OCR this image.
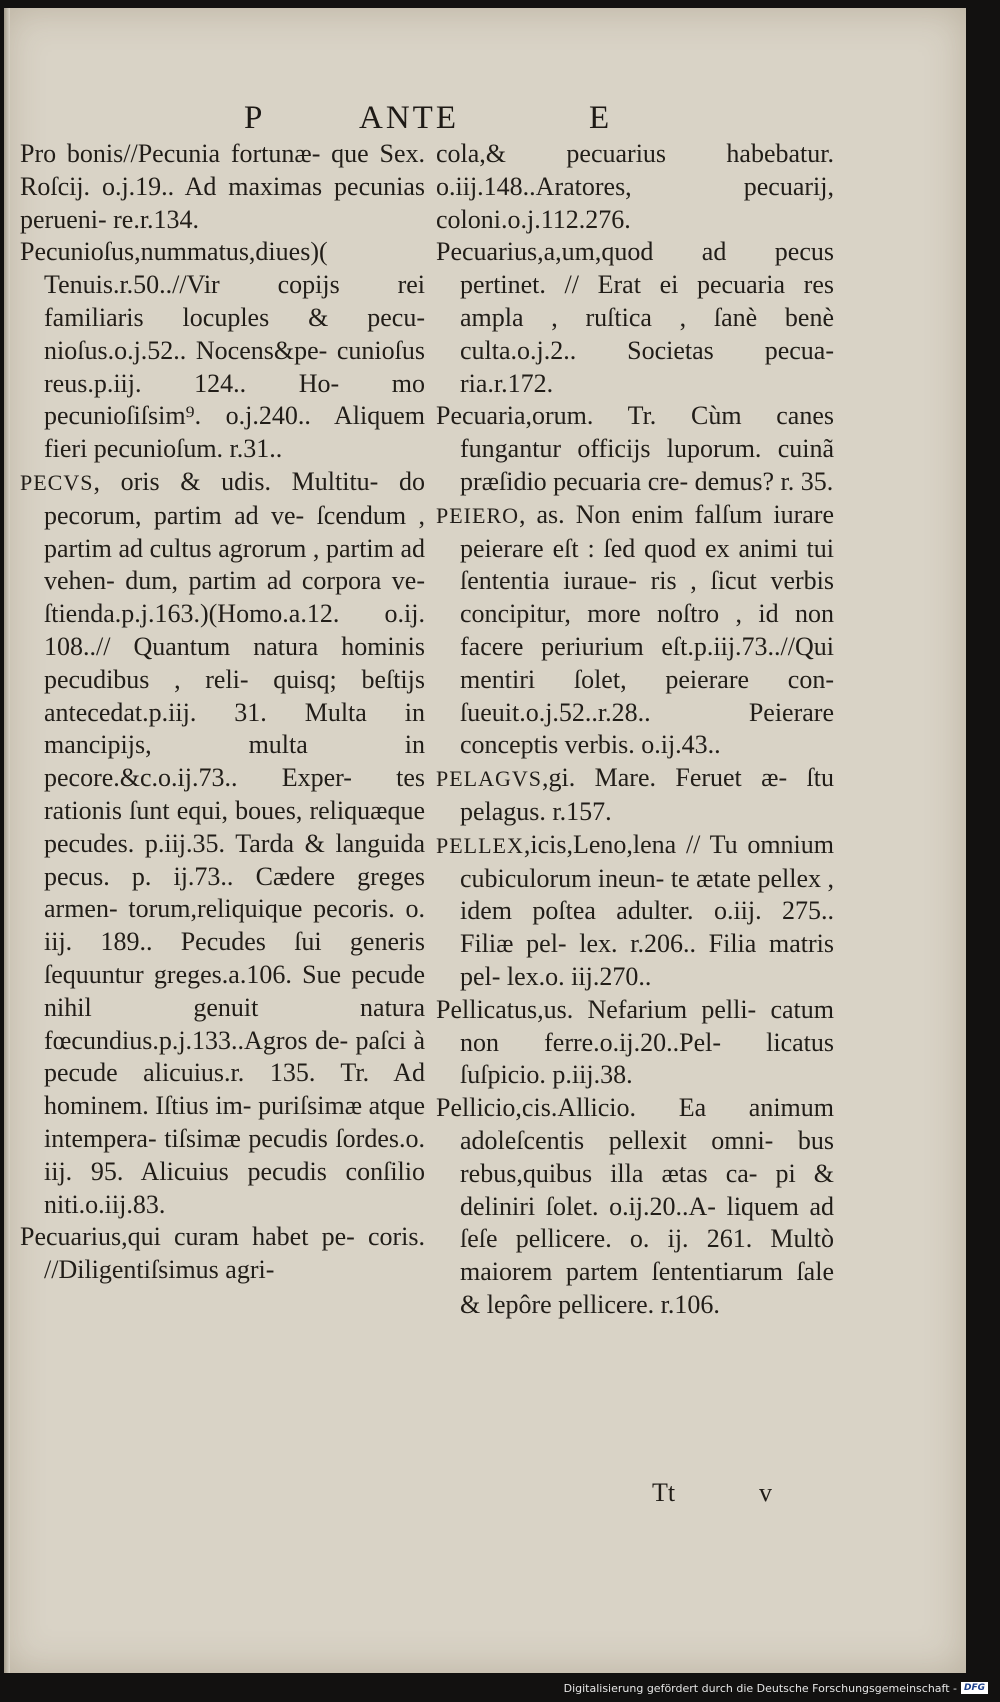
P	ANTE	E

Pro bonis//Pecunia fortunæ- que Sex. Roſcij. o.j.19.. Ad maximas pecunias perueni- re.r.134.

Pecunioſus,nummatus,diues)( Tenuis.r.50..//Vir copijs rei familiaris locuples & pecu- nioſus.o.j.52.. Nocens&pe- cunioſus reus.p.iij. 124.. Ho- mo pecunioſiſsim⁹. o.j.240.. Aliquem fieri pecunioſum. r.31..

PECVS, oris & udis. Multitu- do pecorum, partim ad ve- ſcendum , partim ad cultus agrorum , partim ad vehen- dum, partim ad corpora ve- ſtienda.p.j.163.)(Homo.a.12. o.ij. 108..// Quantum natura hominis pecudibus , reli- quisq; beſtijs antecedat.p.iij. 31. Multa in mancipijs, multa in pecore.&c.o.ij.73.. Exper- tes rationis ſunt equi, boues, reliquæque pecudes. p.iij.35. Tarda & languida pecus. p. ij.73.. Cædere greges armen- torum,reliquique pecoris. o. iij. 189.. Pecudes ſui generis ſequuntur greges.a.106. Sue pecude nihil genuit natura fœcundius.p.j.133..Agros de- paſci à pecude alicuius.r. 135. Tr. Ad hominem. Iſtius im- puriſsimæ atque intempera- tiſsimæ pecudis ſordes.o. iij. 95. Alicuius pecudis conſilio niti.o.iij.83.

Pecuarius,qui curam habet pe- coris. //Diligentiſsimus agri-

cola,& pecuarius habebatur. o.iij.148..Aratores, pecuarij, coloni.o.j.112.276.

Pecuarius,a,um,quod ad pecus pertinet. // Erat ei pecuaria res ampla , ruſtica , ſanè benè culta.o.j.2.. Societas pecua- ria.r.172.

Pecuaria,orum. Tr. Cùm canes fungantur officijs luporum. cuinã præſidio pecuaria cre- demus? r. 35.

PEIERO, as. Non enim falſum iurare peierare eſt : ſed quod ex animi tui ſententia iuraue- ris , ſicut verbis concipitur, more noſtro , id non facere periurium eſt.p.iij.73..//Qui mentiri ſolet, peierare con- ſueuit.o.j.52..r.28.. Peierare conceptis verbis. o.ij.43..

PELAGVS,gi. Mare. Feruet æ- ſtu pelagus. r.157.

PELLEX,icis,Leno,lena // Tu omnium cubiculorum ineun- te ætate pellex , idem poſtea adulter. o.iij. 275.. Filiæ pel- lex. r.206.. Filia matris pel- lex.o. iij.270..

Pellicatus,us. Nefarium pelli- catum non ferre.o.ij.20..Pel- licatus ſuſpicio. p.iij.38.

Pellicio,cis.Allicio. Ea animum adoleſcentis pellexit omni- bus rebus,quibus illa ætas ca- pi & deliniri ſolet. o.ij.20..A- liquem ad ſeſe pellicere. o. ij. 261. Multò maiorem partem ſententiarum ſale & lepôre pellicere. r.106.

Tt	v
Digitalisierung gefördert durch die Deutsche Forschungsgemeinschaft - DFG
